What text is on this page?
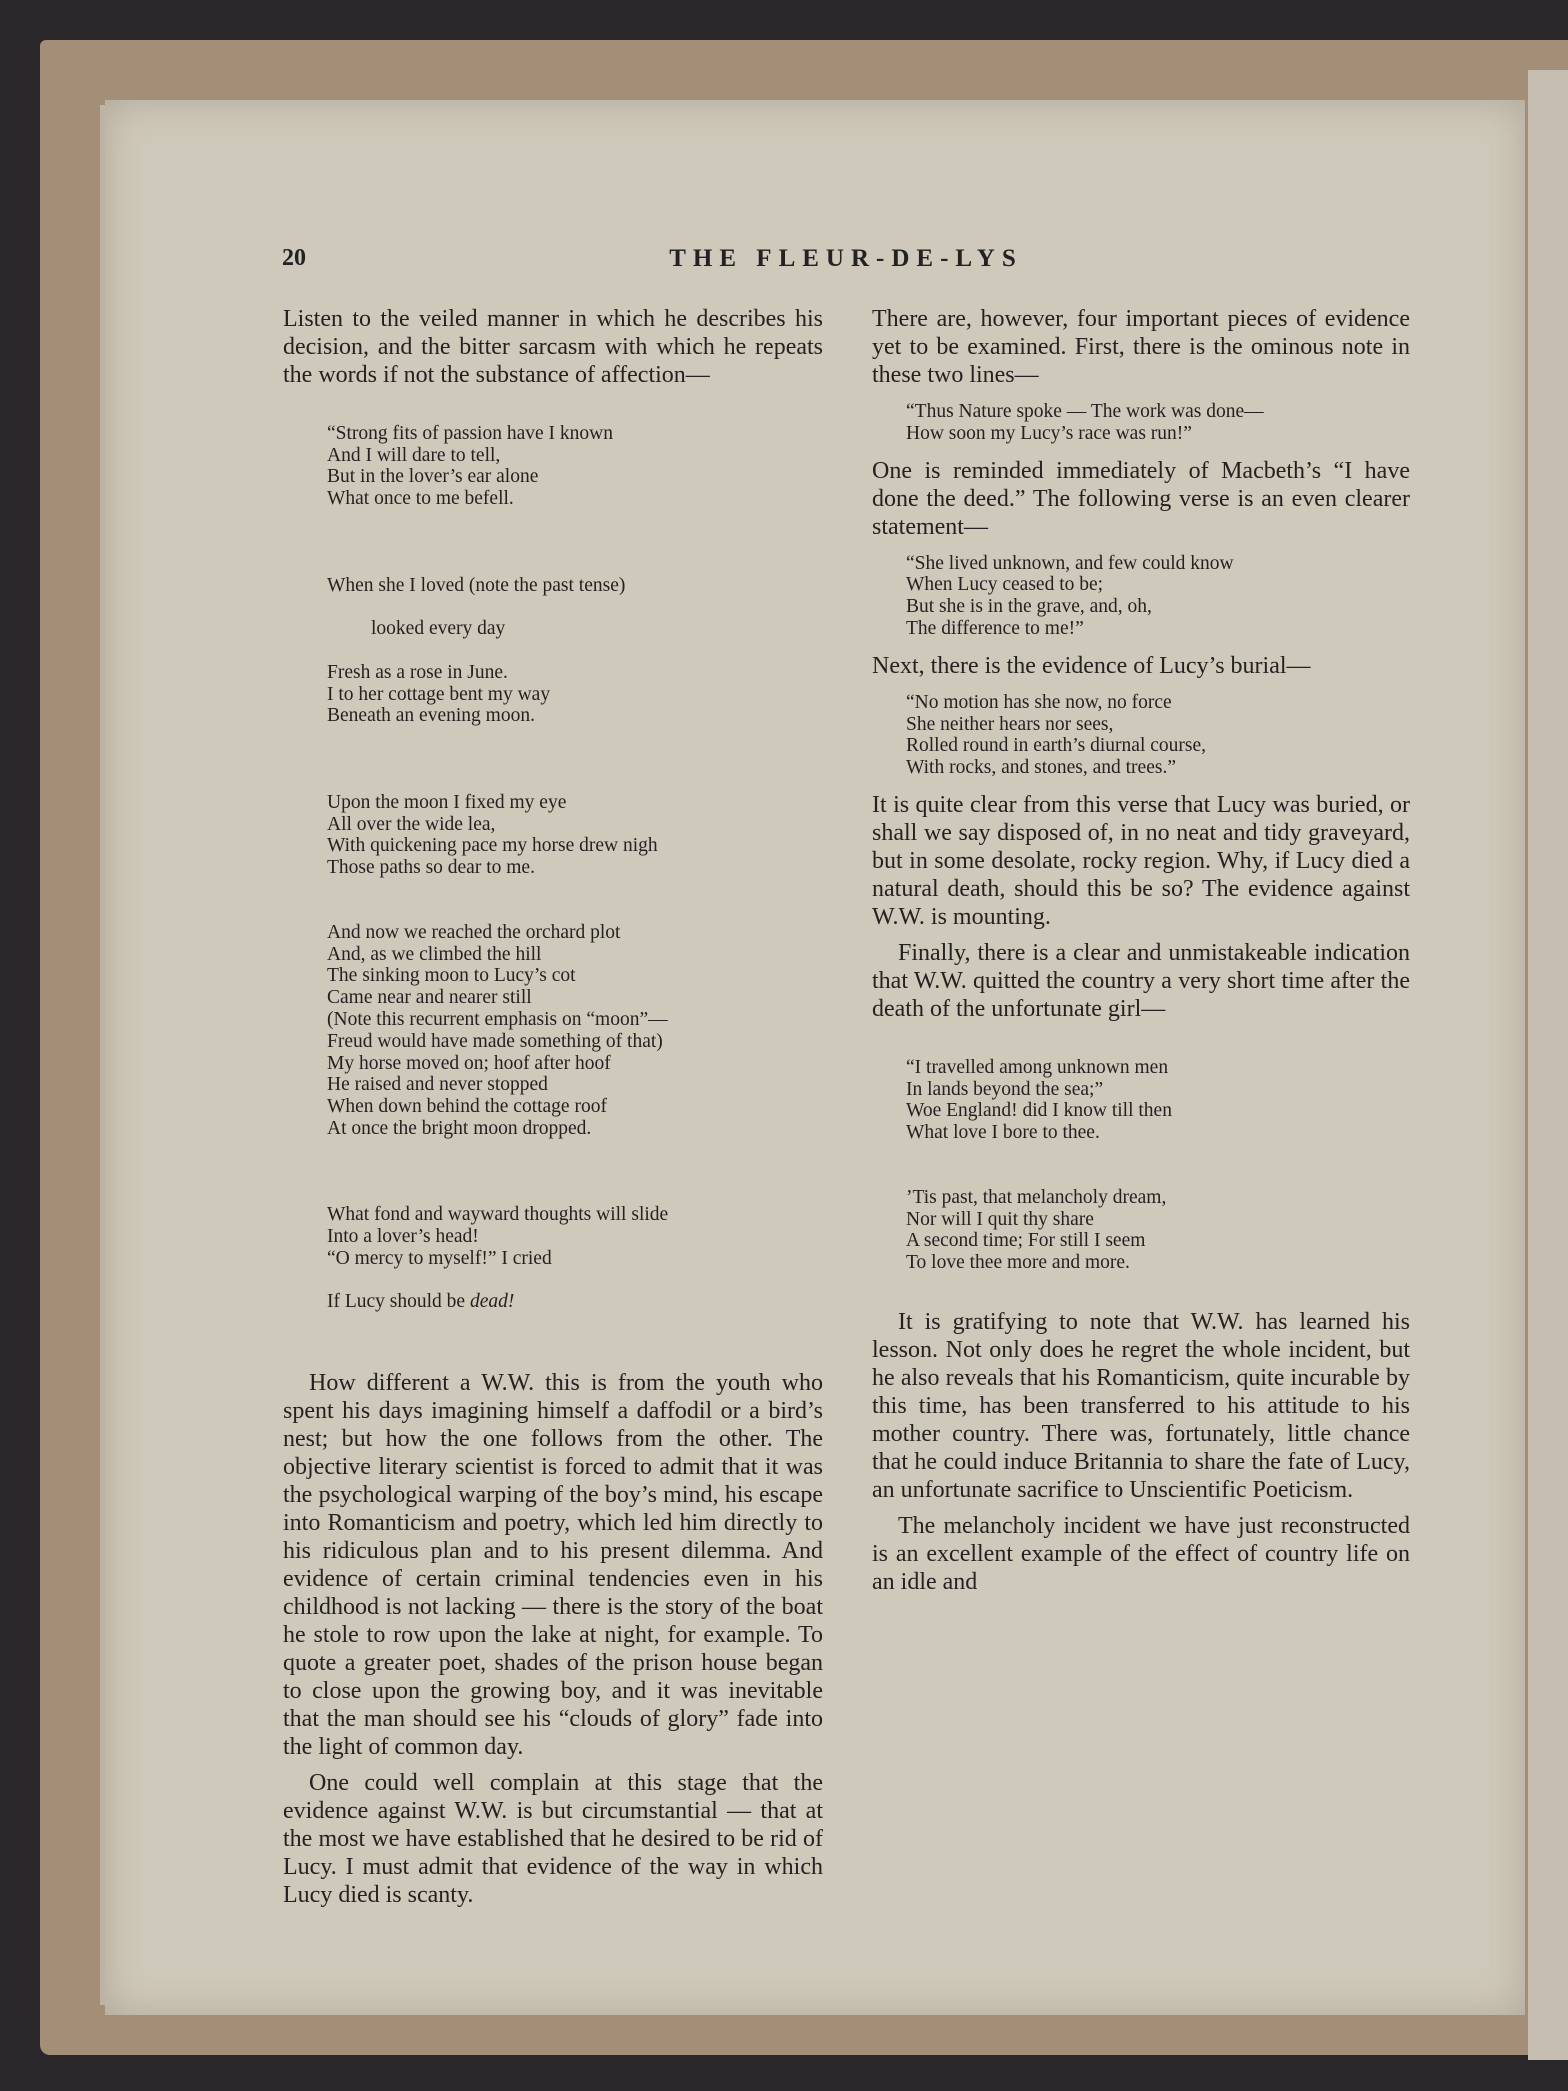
20	THE FLEUR-DE-LYS

Listen to the veiled manner in which he describes his decision, and the bitter sarcasm with which he repeats the words if not the substance of affection—

“Strong fits of passion have I known
And I will dare to tell,
But in the lover’s ear alone
What once to me befell.

When she I loved (note the past tense)

looked every day

Fresh as a rose in June.
I to her cottage bent my way
Beneath an evening moon.

Upon the moon I fixed my eye
All over the wide lea,
With quickening pace my horse drew nigh
Those paths so dear to me.

And now we reached the orchard plot
And, as we climbed the hill
The sinking moon to Lucy’s cot
Came near and nearer still
(Note this recurrent emphasis on “moon”—
Freud would have made something of that)
My horse moved on; hoof after hoof
He raised and never stopped
When down behind the cottage roof
At once the bright moon dropped.

What fond and wayward thoughts will slide
Into a lover’s head!
“O mercy to myself!” I cried

If Lucy should be dead!

How different a W.W. this is from the youth who spent his days imagining himself a daffodil or a bird’s nest; but how the one follows from the other. The objective literary scientist is forced to admit that it was the psychological warping of the boy’s mind, his escape into Romanticism and poetry, which led him directly to his ridiculous plan and to his present dilemma. And evidence of certain criminal tendencies even in his childhood is not lacking — there is the story of the boat he stole to row upon the lake at night, for example. To quote a greater poet, shades of the prison house began to close upon the growing boy, and it was inevitable that the man should see his “clouds of glory” fade into the light of common day.

One could well complain at this stage that the evidence against W.W. is but circumstantial — that at the most we have established that he desired to be rid of Lucy. I must admit that evidence of the way in which Lucy died is scanty.

There are, however, four important pieces of evidence yet to be examined. First, there is the ominous note in these two lines—

“Thus Nature spoke — The work was done—
How soon my Lucy’s race was run!”

One is reminded immediately of Macbeth’s “I have done the deed.” The following verse is an even clearer statement—

“She lived unknown, and few could know
When Lucy ceased to be;
But she is in the grave, and, oh,
The difference to me!”

Next, there is the evidence of Lucy’s burial—

“No motion has she now, no force
She neither hears nor sees,
Rolled round in earth’s diurnal course,
With rocks, and stones, and trees.”

It is quite clear from this verse that Lucy was buried, or shall we say disposed of, in no neat and tidy graveyard, but in some desolate, rocky region. Why, if Lucy died a natural death, should this be so? The evidence against W.W. is mounting.

Finally, there is a clear and unmistakeable indication that W.W. quitted the country a very short time after the death of the unfortunate girl—

“I travelled among unknown men
In lands beyond the sea;”
Woe England! did I know till then
What love I bore to thee.

’Tis past, that melancholy dream,
Nor will I quit thy share
A second time; For still I seem
To love thee more and more.

It is gratifying to note that W.W. has learned his lesson. Not only does he regret the whole incident, but he also reveals that his Romanticism, quite incurable by this time, has been transferred to his attitude to his mother country. There was, fortunately, little chance that he could induce Britannia to share the fate of Lucy, an unfortunate sacrifice to Unscientific Poeticism.

The melancholy incident we have just reconstructed is an excellent example of the effect of country life on an idle and
